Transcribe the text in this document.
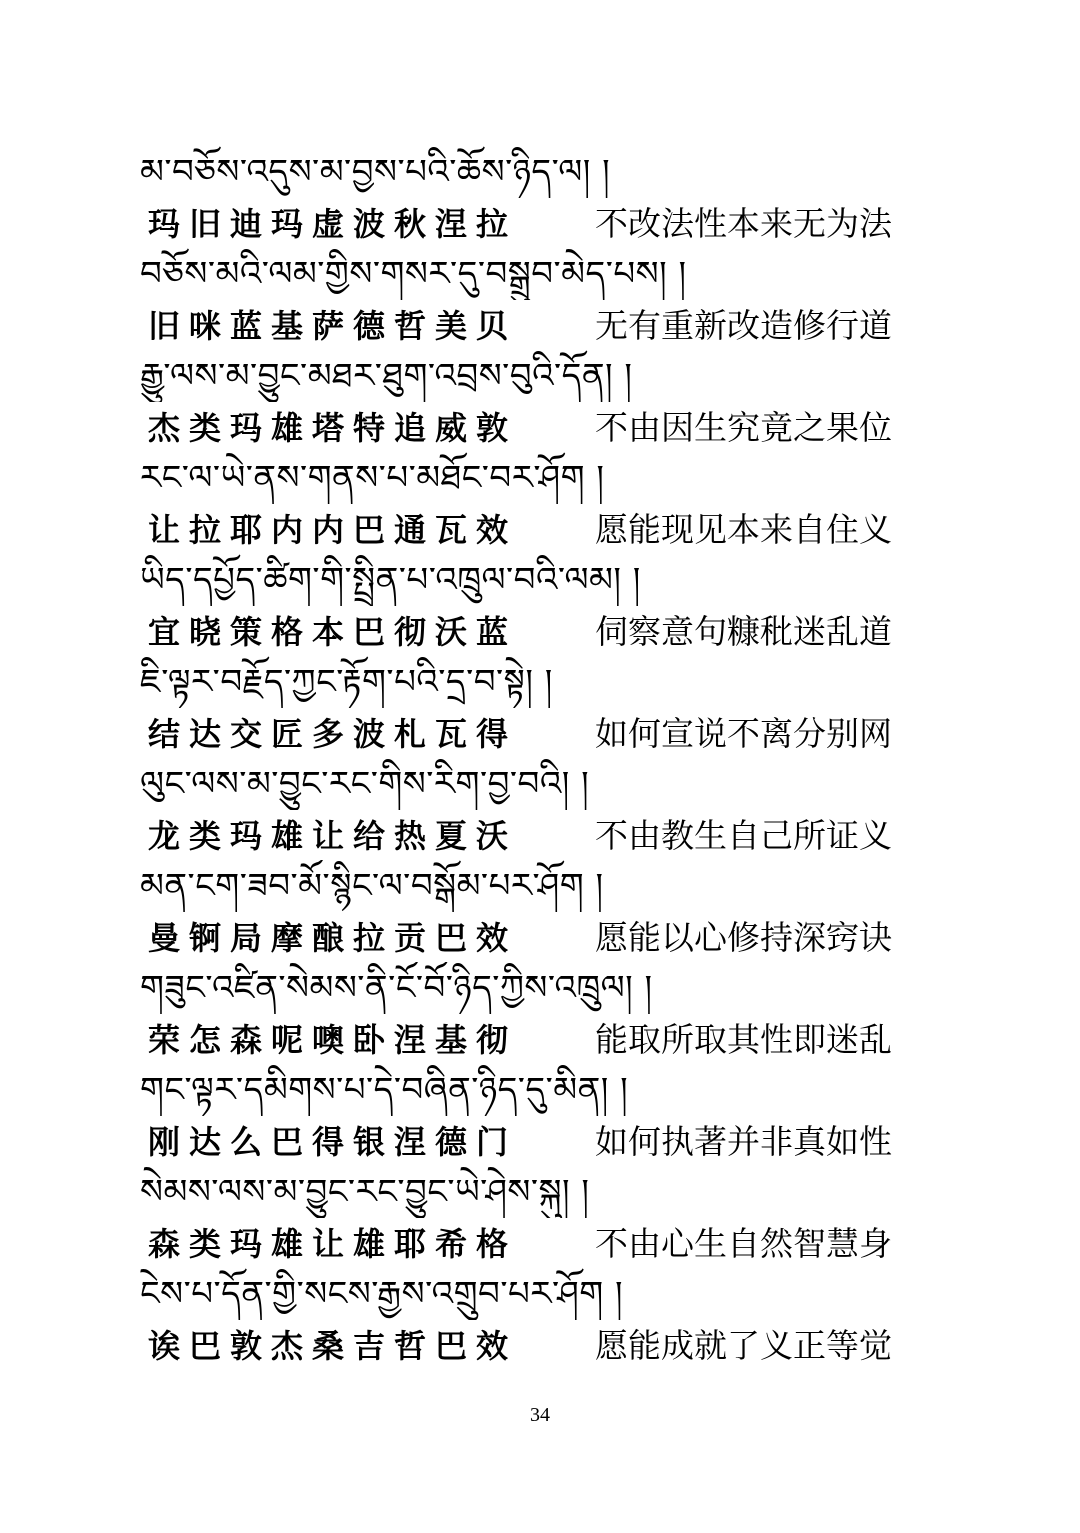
མ་བཅོས་འདུས་མ་བྱས་པའི་ཆོས་ཉིད་ལ། །
玛旧迪玛虚波秋涅拉 不改法性本来无为法
བཅོས་མའི་ལམ་གྱིས་གསར་དུ་བསྒྲུབ་མེད་པས། །
旧咪蓝基萨德哲美贝 无有重新改造修行道
རྒྱུ་ལས་མ་བྱུང་མཐར་ཐུག་འབྲས་བུའི་དོན། །
杰类玛雄塔特追威敦 不由因生究竟之果位
རང་ལ་ཡེ་ནས་གནས་པ་མཐོང་བར་ཤོག །
让拉耶内内巴通瓦效 愿能现见本来自住义
ཡིད་དཔྱོད་ཚིག་གི་སྤྲིན་པ་འཁྲུལ་བའི་ལམ། །
宜晓策格本巴彻沃蓝 伺察意句糠秕迷乱道
ཇི་ལྟར་བརྗོད་ཀྱང་རྟོག་པའི་དྲ་བ་སྟེ། །
结达交匠多波札瓦得 如何宣说不离分别网
ལུང་ལས་མ་བྱུང་རང་གིས་རིག་བྱ་བའི། །
龙类玛雄让给热夏沃 不由教生自己所证义
མན་ངག་ཟབ་མོ་སྙིང་ལ་བསྒོམ་པར་ཤོག །
曼锕局摩酿拉贡巴效 愿能以心修持深窍诀
གཟུང་འཛིན་སེམས་ནི་ངོ་བོ་ཉིད་ཀྱིས་འཁྲུལ། །
荣怎森呢噢卧涅基彻 能取所取其性即迷乱
གང་ལྟར་དམིགས་པ་དེ་བཞིན་ཉིད་དུ་མིན། །
刚达么巴得银涅德门 如何执著并非真如性
སེམས་ལས་མ་བྱུང་རང་བྱུང་ཡེ་ཤེས་སྐུ། །
森类玛雄让雄耶希格 不由心生自然智慧身
ངེས་པ་དོན་གྱི་སངས་རྒྱས་འགྲུབ་པར་ཤོག །
诶巴敦杰桑吉哲巴效 愿能成就了义正等觉
34
